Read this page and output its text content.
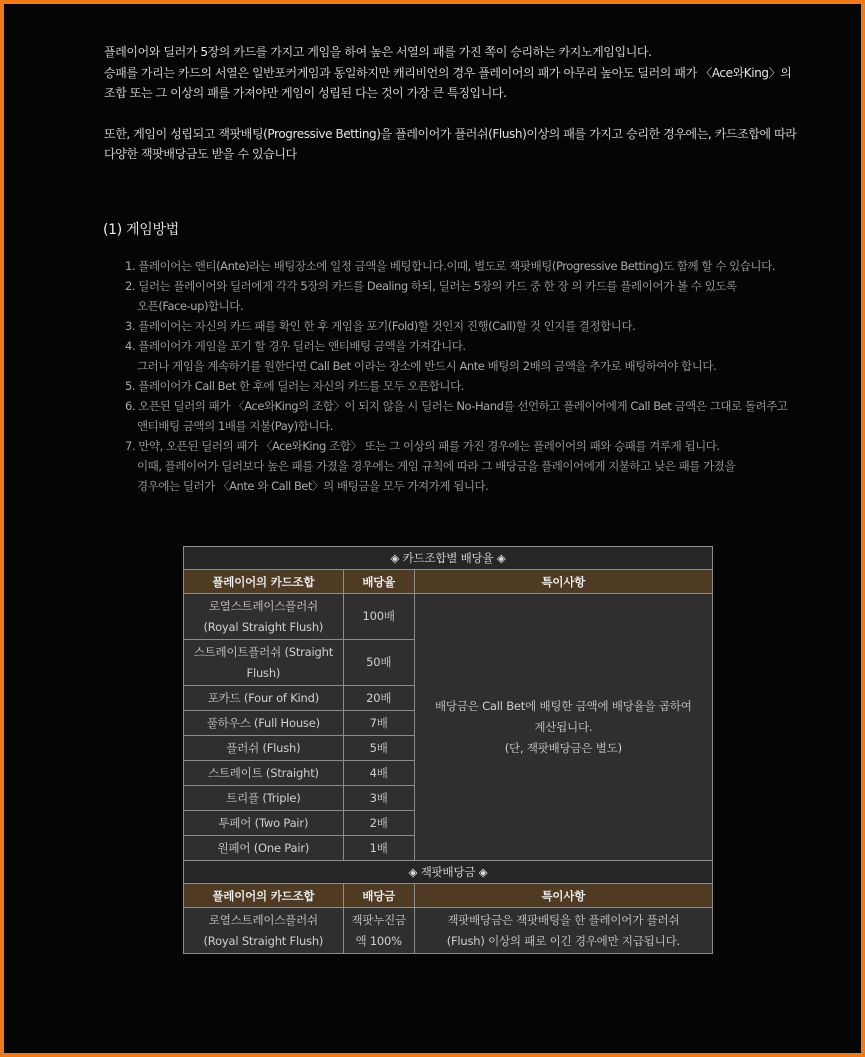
플레이어와 딜러가 5장의 카드를 가지고 게임을 하여 높은 서열의 패를 가진 쪽이 승리하는 카지노게임입니다.

승패를 가리는 카드의 서열은 일반포커게임과 동일하지만 캐리비언의 경우 플레이어의 패가 아무리 높아도 딜러의 패가 〈Ace와King〉의

조합 또는 그 이상의 패를 가져야만 게임이 성립된 다는 것이 가장 큰 특징입니다.

또한, 게임이 성립되고 잭팟배팅(Progressive Betting)을 플레이어가 플러쉬(Flush)이상의 패를 가지고 승리한 경우에는, 카드조합에 따라

다양한 잭팟배당금도 받을 수 있습니다

(1) 게임방법
1. 플레이어는 앤티(Ante)라는 배팅장소에 일정 금액을 베팅합니다.이때, 별도로 잭팟배팅(Progressive Betting)도 함께 할 수 있습니다.
2. 딜러는 플레이어와 딜러에게 각각 5장의 카드를 Dealing 하되, 딜러는 5장의 카드 중 한 장 의 카드를 플레이어가 볼 수 있도록
오픈(Face-up)합니다.
3. 플레이어는 자신의 카드 패를 확인 한 후 게임을 포기(Fold)할 것인지 진행(Call)할 것 인지를 결정합니다.
4. 플레이어가 게임을 포기 할 경우 딜러는 앤티배팅 금액을 가져갑니다.
그러나 게임을 계속하기를 원한다면 Call Bet 이라는 장소에 반드시 Ante 배팅의 2배의 금액을 추가로 배팅하여야 합니다.
5. 플레이어가 Call Bet 한 후에 딜러는 자신의 카드를 모두 오픈합니다.
6. 오픈된 딜러의 패가 〈Ace와King의 조합〉이 되지 않을 시 딜러는 No-Hand를 선언하고 플레이어에게 Call Bet 금액은 그대로 돌려주고
앤티배팅 금액의 1배를 지불(Pay)합니다.
7. 만약, 오픈된 딜러의 패가 〈Ace와King 조합〉 또는 그 이상의 패를 가진 경우에는 플레이어의 패와 승패를 겨루게 됩니다.
이때, 플레이어가 딜러보다 높은 패를 가졌을 경우에는 게임 규칙에 따라 그 배당금을 플레이어에게 지불하고 낮은 패를 가졌을
경우에는 딜러가 〈Ante 와 Call Bet〉의 배팅금을 모두 가져가게 됩니다.
◈ 카드조합별 배당율 ◈		
플레이어의 카드조합	배당율	특이사항
로열스트레이스플러쉬
(Royal Straight Flush)	100배	배당금은 Call Bet에 배팅한 금액에 배당율을 곱하여
계산됩니다.
(단, 잭팟배당금은 별도)
스트레이트플러쉬 (Straight
Flush)	50배	
포카드 (Four of Kind)	20배	
풀하우스 (Full House)	7배	
플러쉬 (Flush)	5배	
스트레이트 (Straight)	4배	
트리플 (Triple)	3배	
투페어 (Two Pair)	2배	
원페어 (One Pair)	1배	
◈ 잭팟배당금 ◈		
플레이어의 카드조합	배당금	특이사항
로열스트레이스플러쉬
(Royal Straight Flush)	잭팟누진금
액 100%	잭팟배당금은 잭팟배팅을 한 플레이어가 플러쉬
(Flush) 이상의 패로 이긴 경우에만 지급됩니다.
